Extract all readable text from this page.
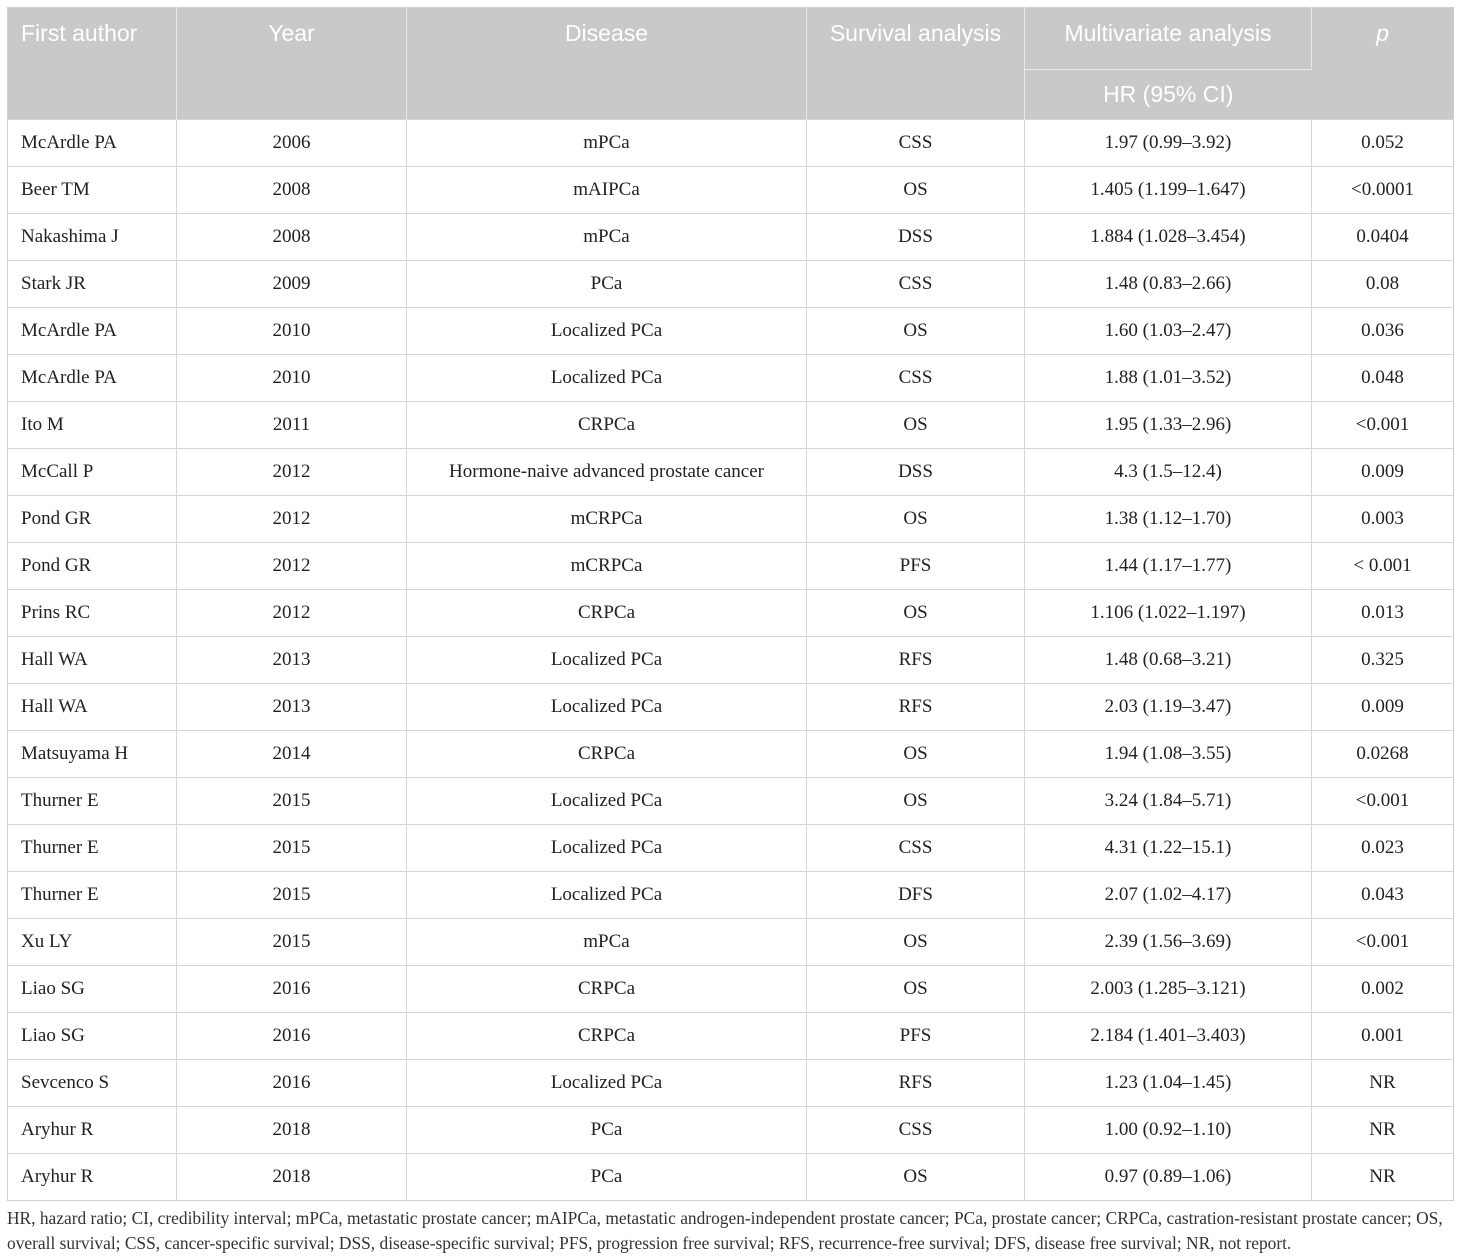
First author	Year	Disease	Survival analysis	Multivariate analysis	p
				HR (95% CI)	
McArdle PA	2006	mPCa	CSS	1.97 (0.99–3.92)	0.052
Beer TM	2008	mAIPCa	OS	1.405 (1.199–1.647)	<0.0001
Nakashima J	2008	mPCa	DSS	1.884 (1.028–3.454)	0.0404
Stark JR	2009	PCa	CSS	1.48 (0.83–2.66)	0.08
McArdle PA	2010	Localized PCa	OS	1.60 (1.03–2.47)	0.036
McArdle PA	2010	Localized PCa	CSS	1.88 (1.01–3.52)	0.048
Ito M	2011	CRPCa	OS	1.95 (1.33–2.96)	<0.001
McCall P	2012	Hormone-naive advanced prostate cancer	DSS	4.3 (1.5–12.4)	0.009
Pond GR	2012	mCRPCa	OS	1.38 (1.12–1.70)	0.003
Pond GR	2012	mCRPCa	PFS	1.44 (1.17–1.77)	< 0.001
Prins RC	2012	CRPCa	OS	1.106 (1.022–1.197)	0.013
Hall WA	2013	Localized PCa	RFS	1.48 (0.68–3.21)	0.325
Hall WA	2013	Localized PCa	RFS	2.03 (1.19–3.47)	0.009
Matsuyama H	2014	CRPCa	OS	1.94 (1.08–3.55)	0.0268
Thurner E	2015	Localized PCa	OS	3.24 (1.84–5.71)	<0.001
Thurner E	2015	Localized PCa	CSS	4.31 (1.22–15.1)	0.023
Thurner E	2015	Localized PCa	DFS	2.07 (1.02–4.17)	0.043
Xu LY	2015	mPCa	OS	2.39 (1.56–3.69)	<0.001
Liao SG	2016	CRPCa	OS	2.003 (1.285–3.121)	0.002
Liao SG	2016	CRPCa	PFS	2.184 (1.401–3.403)	0.001
Sevcenco S	2016	Localized PCa	RFS	1.23 (1.04–1.45)	NR
Aryhur R	2018	PCa	CSS	1.00 (0.92–1.10)	NR
Aryhur R	2018	PCa	OS	0.97 (0.89–1.06)	NR
HR, hazard ratio; CI, credibility interval; mPCa, metastatic prostate cancer; mAIPCa, metastatic androgen-independent prostate cancer; PCa, prostate cancer; CRPCa, castration-resistant prostate cancer; OS, overall survival; CSS, cancer-specific survival; DSS, disease-specific survival; PFS, progression free survival; RFS, recurrence-free survival; DFS, disease free survival; NR, not report.
